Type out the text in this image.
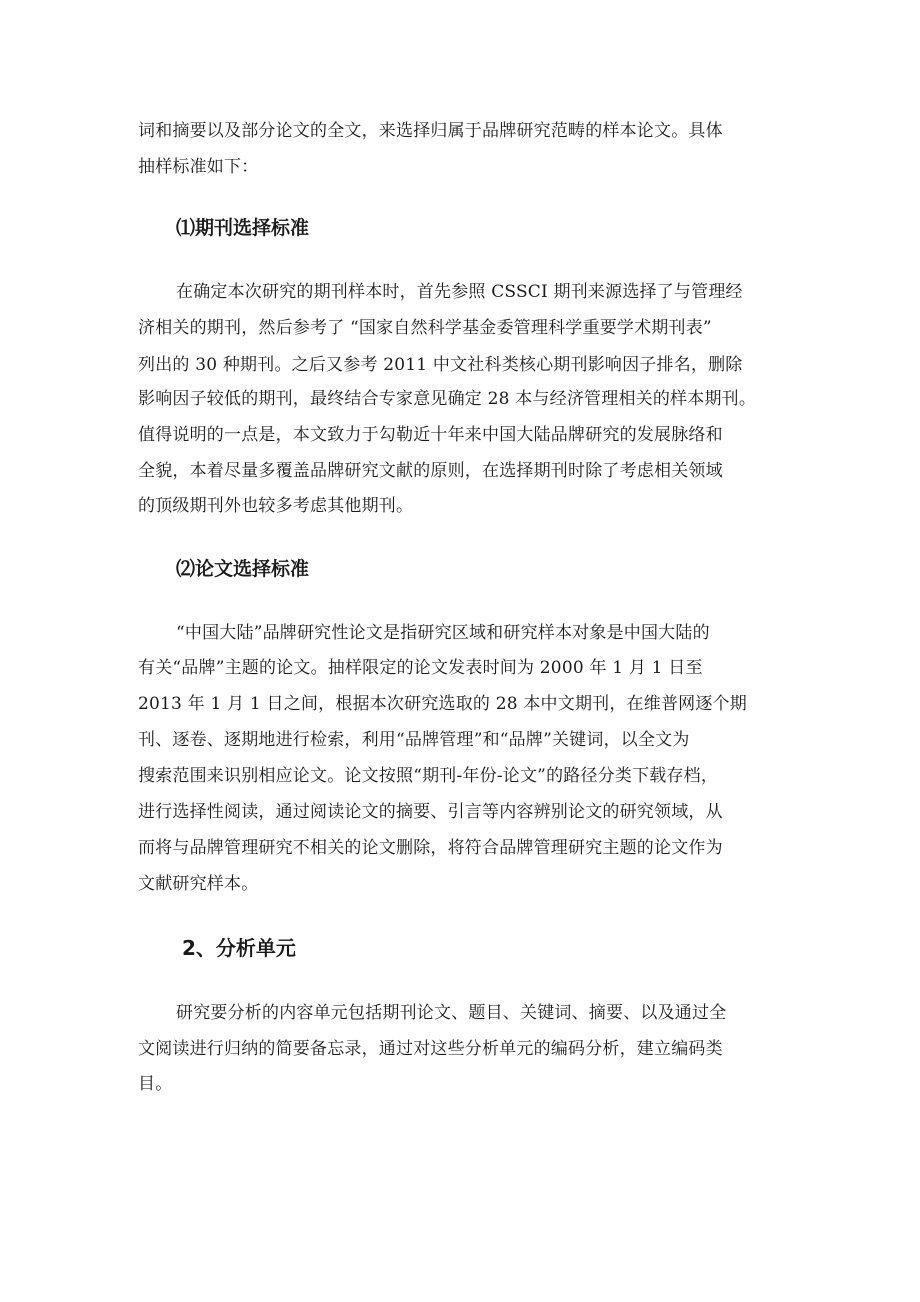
词和摘要以及部分论文的全文，来选择归属于品牌研究范畴的样本论文。具体
抽样标准如下：
⑴期刊选择标准
在确定本次研究的期刊样本时，首先参照 CSSCI 期刊来源选择了与管理经
济相关的期刊，然后参考了 “国家自然科学基金委管理科学重要学术期刊表”
列出的 30 种期刊。之后又参考 2011 中文社科类核心期刊影响因子排名，删除
影响因子较低的期刊，最终结合专家意见确定 28 本与经济管理相关的样本期刊。
值得说明的一点是，本文致力于勾勒近十年来中国大陆品牌研究的发展脉络和
全貌，本着尽量多覆盖品牌研究文献的原则，在选择期刊时除了考虑相关领域
的顶级期刊外也较多考虑其他期刊。
⑵论文选择标准
“中国大陆”品牌研究性论文是指研究区域和研究样本对象是中国大陆的
有关“品牌”主题的论文。抽样限定的论文发表时间为 2000 年 1 月 1 日至
2013 年 1 月 1 日之间，根据本次研究选取的 28 本中文期刊，在维普网逐个期
刊、逐卷、逐期地进行检索，利用“品牌管理”和“品牌”关键词，以全文为
搜索范围来识别相应论文。论文按照“期刊-年份-论文”的路径分类下载存档，
进行选择性阅读，通过阅读论文的摘要、引言等内容辨别论文的研究领域，从
而将与品牌管理研究不相关的论文删除，将符合品牌管理研究主题的论文作为
文献研究样本。
2、分析单元
研究要分析的内容单元包括期刊论文、题目、关键词、摘要、以及通过全
文阅读进行归纳的简要备忘录，通过对这些分析单元的编码分析，建立编码类
目。
